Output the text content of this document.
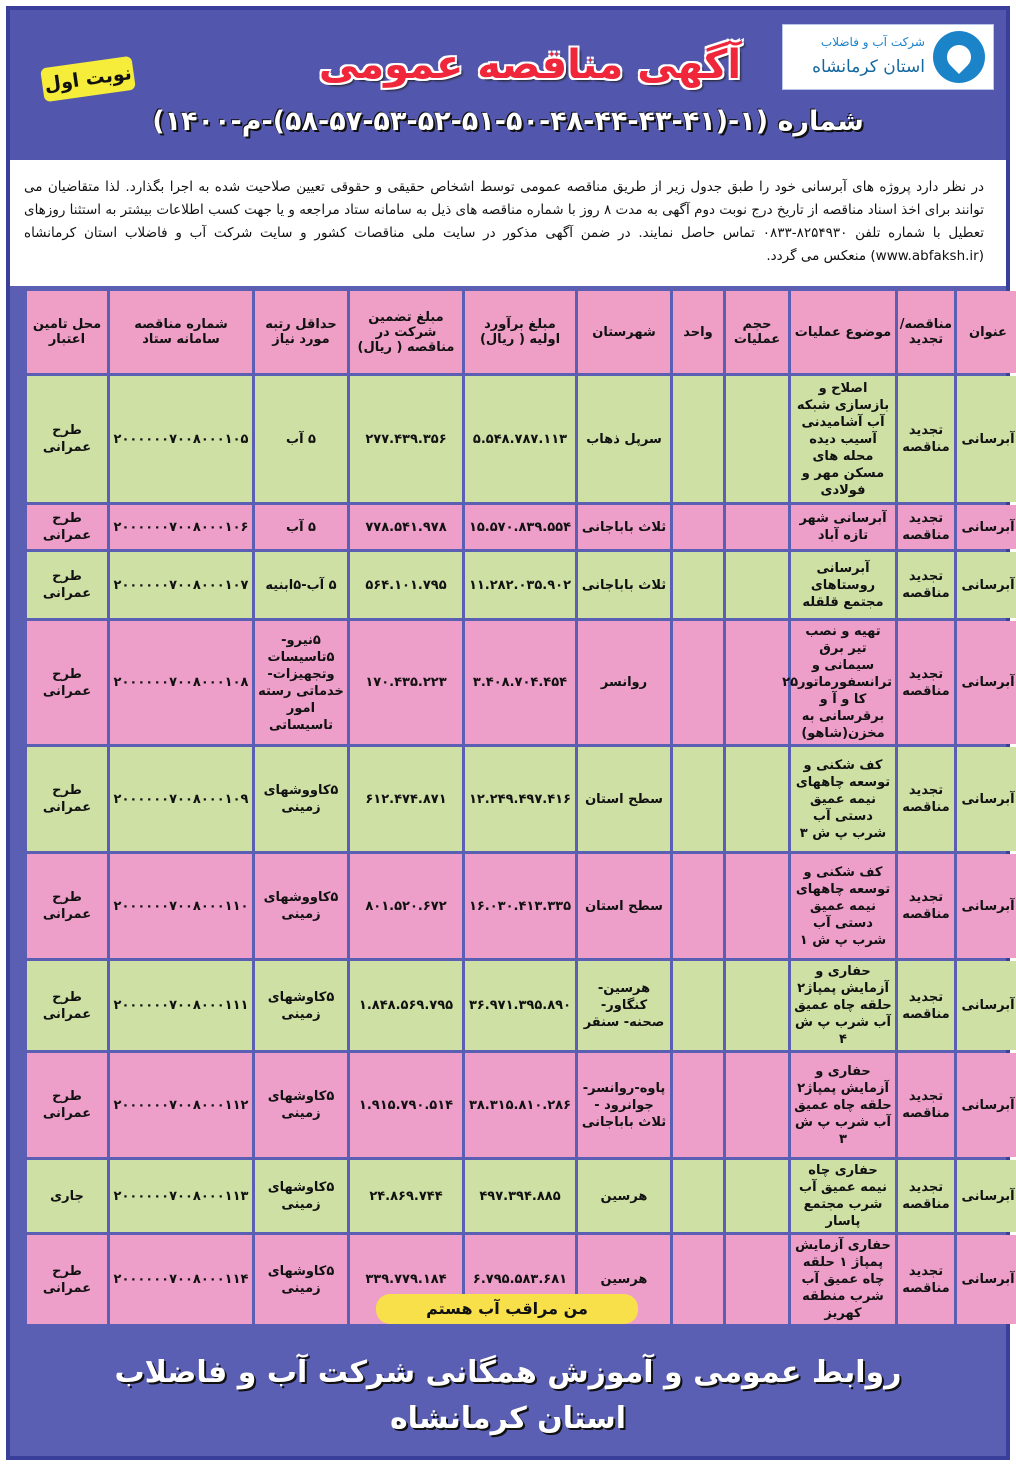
شرکت آب و فاضلاب
استان کرمانشاه
آگهی مناقصه عمومی
نوبت اول
شماره (۱-(۴۱-۴۳-۴۴-۴۸-۵۰-۵۱-۵۲-۵۳-۵۷-۵۸)-م-۱۴۰۰)
در نظر دارد پروژه های آبرسانی خود را طبق جدول زیر از طریق مناقصه عمومی توسط اشخاص حقیقی و حقوقی تعیین صلاحیت شده به اجرا بگذارد. لذا متقاضیان می توانند برای اخذ اسناد مناقصه از تاریخ درج نوبت دوم آگهی به مدت ۸ روز با شماره مناقصه های ذیل به سامانه ستاد مراجعه و یا جهت کسب اطلاعات بیشتر به استثنا روزهای تعطیل با شماره تلفن ۸۲۵۴۹۳۰-۰۸۳۳ تماس حاصل نمایند. در ضمن آگهی مذکور در سایت ملی مناقصات کشور و سایت شرکت آب و فاضلاب استان کرمانشاه (www.abfaksh.ir) منعکس می گردد.
عنوان	مناقصه/ تجدید	موضوع عملیات	حجم عملیات	واحد	شهرستان	مبلغ برآورد اولیه ( ریال)	مبلغ تضمین شرکت در مناقصه ( ریال)	حداقل رتبه مورد نیاز	شماره مناقصه سامانه ستاد	محل تامین اعتبار
آبرسانی	تجدید مناقصه	اصلاح و بازسازی شبکه آب آشامیدنی آسیب دیده محله های مسکن مهر و فولادی			سرپل ذهاب	۵.۵۴۸.۷۸۷.۱۱۳	۲۷۷.۴۳۹.۳۵۶	۵ آب	۲۰۰۰۰۰۰۷۰۰۸۰۰۰۱۰۵	طرح عمرانی
آبرسانی	تجدید مناقصه	آبرسانی شهر تازه آباد			ثلاث باباجانی	۱۵.۵۷۰.۸۳۹.۵۵۴	۷۷۸.۵۴۱.۹۷۸	۵ آب	۲۰۰۰۰۰۰۷۰۰۸۰۰۰۱۰۶	طرح عمرانی
آبرسانی	تجدید مناقصه	آبرسانی روستاهای مجتمع قلقله			ثلاث باباجانی	۱۱.۲۸۲.۰۳۵.۹۰۲	۵۶۴.۱۰۱.۷۹۵	۵ آب-۵ابنیه	۲۰۰۰۰۰۰۷۰۰۸۰۰۰۱۰۷	طرح عمرانی
آبرسانی	تجدید مناقصه	تهیه و نصب تیر برق سیمانی و ترانسفورماتور۲۵ کا و آ و برقرسانی به مخزن(شاهو)			روانسر	۳.۴۰۸.۷۰۴.۴۵۴	۱۷۰.۴۳۵.۲۲۳	۵نیرو- ۵تاسیسات وتجهیزات- خدماتی رسته امور تاسیساتی	۲۰۰۰۰۰۰۷۰۰۸۰۰۰۱۰۸	طرح عمرانی
آبرسانی	تجدید مناقصه	کف شکنی و توسعه چاههای نیمه عمیق دستی آب شرب پ ش ۳			سطح استان	۱۲.۲۴۹.۴۹۷.۴۱۶	۶۱۲.۴۷۴.۸۷۱	۵کاووشهای زمینی	۲۰۰۰۰۰۰۷۰۰۸۰۰۰۱۰۹	طرح عمرانی
آبرسانی	تجدید مناقصه	کف شکنی و توسعه چاههای نیمه عمیق دستی آب شرب پ ش ۱			سطح استان	۱۶.۰۳۰.۴۱۳.۳۳۵	۸۰۱.۵۲۰.۶۷۲	۵کاووشهای زمینی	۲۰۰۰۰۰۰۷۰۰۸۰۰۰۱۱۰	طرح عمرانی
آبرسانی	تجدید مناقصه	حفاری و آزمایش پمپاژ۲ حلقه چاه عمیق آب شرب پ ش ۴			هرسین- کنگاور-صحنه- سنقر	۳۶.۹۷۱.۳۹۵.۸۹۰	۱.۸۴۸.۵۶۹.۷۹۵	۵کاوشهای زمینی	۲۰۰۰۰۰۰۷۰۰۸۰۰۰۱۱۱	طرح عمرانی
آبرسانی	تجدید مناقصه	حفاری و آزمایش پمپاژ۲ حلقه چاه عمیق آب شرب پ ش ۳			پاوه-روانسر- جوانرود - ثلاث باباجانی	۳۸.۳۱۵.۸۱۰.۲۸۶	۱.۹۱۵.۷۹۰.۵۱۴	۵کاوشهای زمینی	۲۰۰۰۰۰۰۷۰۰۸۰۰۰۱۱۲	طرح عمرانی
آبرسانی	تجدید مناقصه	حفاری چاه نیمه عمیق آب شرب مجتمع پاسار			هرسین	۴۹۷.۳۹۴.۸۸۵	۲۴.۸۶۹.۷۴۴	۵کاوشهای زمینی	۲۰۰۰۰۰۰۷۰۰۸۰۰۰۱۱۳	جاری
آبرسانی	تجدید مناقصه	حفاری آزمایش پمپاژ ۱ حلقه چاه عمیق آب شرب منطقه کهریز			هرسین	۶.۷۹۵.۵۸۳.۶۸۱	۳۳۹.۷۷۹.۱۸۴	۵کاوشهای زمینی	۲۰۰۰۰۰۰۷۰۰۸۰۰۰۱۱۴	طرح عمرانی
من مراقب آب هستم
روابط عمومی و آموزش همگانی شرکت آب و فاضلاب
استان کرمانشاه
